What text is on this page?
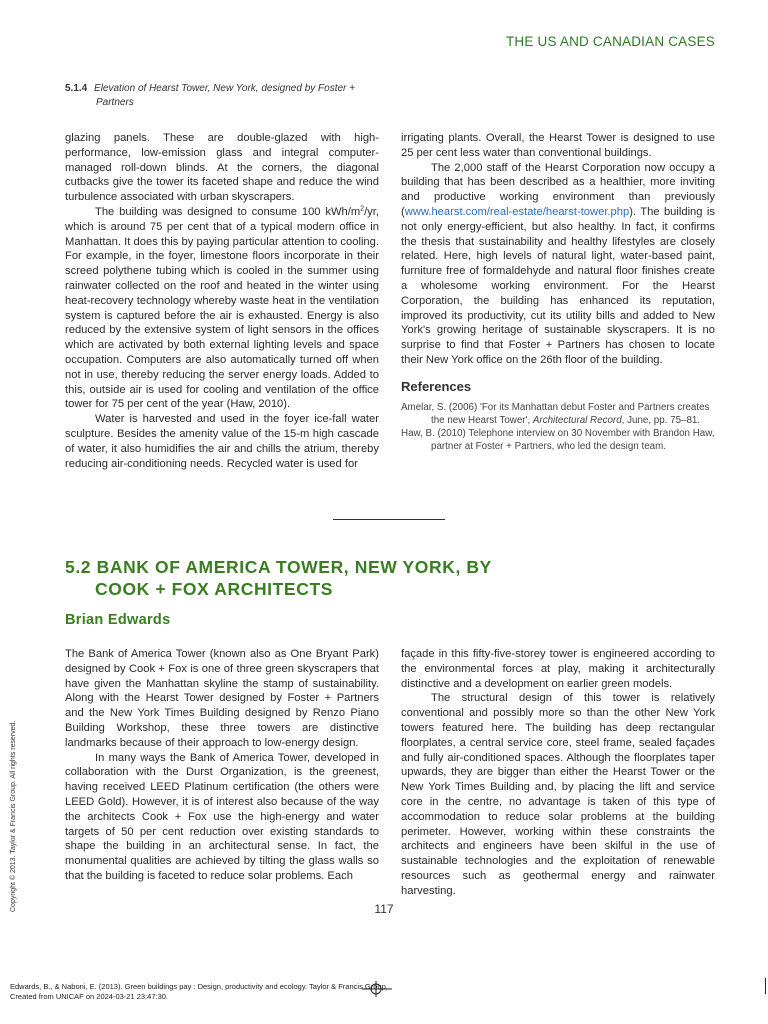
THE US AND CANADIAN CASES
5.1.4 Elevation of Hearst Tower, New York, designed by Foster +
Partners

glazing panels. These are double-glazed with high-performance, low-emission glass and integral computer-managed roll-down blinds. At the corners, the diagonal cutbacks give the tower its faceted shape and reduce the wind turbulence associated with urban skyscrapers.

The building was designed to consume 100 kWh/$m^2/yr$, which is around 75 per cent that of a typical modern office in Manhattan. It does this by paying particular attention to cooling. For example, in the foyer, limestone floors incorporate in their screed polythene tubing which is cooled in the summer using rainwater collected on the roof and heated in the winter using heat-recovery technology whereby waste heat in the ventilation system is captured before the air is exhausted. Energy is also reduced by the extensive system of light sensors in the offices which are activated by both external lighting levels and space occupation. Computers are also automatically turned off when not in use, thereby reducing the server energy loads. Added to this, outside air is used for cooling and ventilation of the office tower for 75 per cent of the year (Haw, 2010).

Water is harvested and used in the foyer ice-fall water sculpture. Besides the amenity value of the 15-m high cascade of water, it also humidifies the air and chills the atrium, thereby reducing air-conditioning needs. Recycled water is used for

irrigating plants. Overall, the Hearst Tower is designed to use 25 per cent less water than conventional buildings.

The 2,000 staff of the Hearst Corporation now occupy a building that has been described as a healthier, more inviting and productive working environment than previously (www.hearst.com/real-estate/hearst-tower.php). The building is not only energy-efficient, but also healthy. In fact, it confirms the thesis that sustainability and healthy lifestyles are closely related. Here, high levels of natural light, water-based paint, furniture free of formaldehyde and natural floor finishes create a wholesome working environment. For the Hearst Corporation, the building has enhanced its reputation, improved its productivity, cut its utility bills and added to New York's growing heritage of sustainable skyscrapers. It is no surprise to find that Foster + Partners has chosen to locate their New York office on the 26th floor of the building.

References

Amelar, S. (2006) 'For its Manhattan debut Foster and Partners creates the new Hearst Tower', Architectural Record, June, pp. 75–81.

Haw, B. (2010) Telephone interview on 30 November with Brandon Haw, partner at Foster + Partners, who led the design team.

5.2 BANK OF AMERICA TOWER, NEW YORK, BY
COOK + FOX ARCHITECTS
Brian Edwards

The Bank of America Tower (known also as One Bryant Park) designed by Cook + Fox is one of three green skyscrapers that have given the Manhattan skyline the stamp of sustainability. Along with the Hearst Tower designed by Foster + Partners and the New York Times Building designed by Renzo Piano Building Workshop, these three towers are distinctive landmarks because of their approach to low-energy design.

In many ways the Bank of America Tower, developed in collaboration with the Durst Organization, is the greenest, having received LEED Platinum certification (the others were LEED Gold). However, it is of interest also because of the way the architects Cook + Fox use the high-energy and water targets of 50 per cent reduction over existing standards to shape the building in an architectural sense. In fact, the monumental qualities are achieved by tilting the glass walls so that the building is faceted to reduce solar problems. Each

façade in this fifty-five-storey tower is engineered according to the environmental forces at play, making it architecturally distinctive and a development on earlier green models.

The structural design of this tower is relatively conventional and possibly more so than the other New York towers featured here. The building has deep rectangular floorplates, a central service core, steel frame, sealed façades and fully air-conditioned spaces. Although the floorplates taper upwards, they are bigger than either the Hearst Tower or the New York Times Building and, by placing the lift and service core in the centre, no advantage is taken of this type of accommodation to reduce solar problems at the building perimeter. However, working within these constraints the architects and engineers have been skilful in the use of sustainable technologies and the exploitation of renewable resources such as geothermal energy and rainwater harvesting.

117
Copyright © 2013. Taylor & Francis Group. All rights reserved.
Edwards, B., & Naboni, E. (2013). Green buildings pay : Design, productivity and ecology. Taylor & Francis Group.
Created from UNICAF on 2024-03-21 23:47:30.
